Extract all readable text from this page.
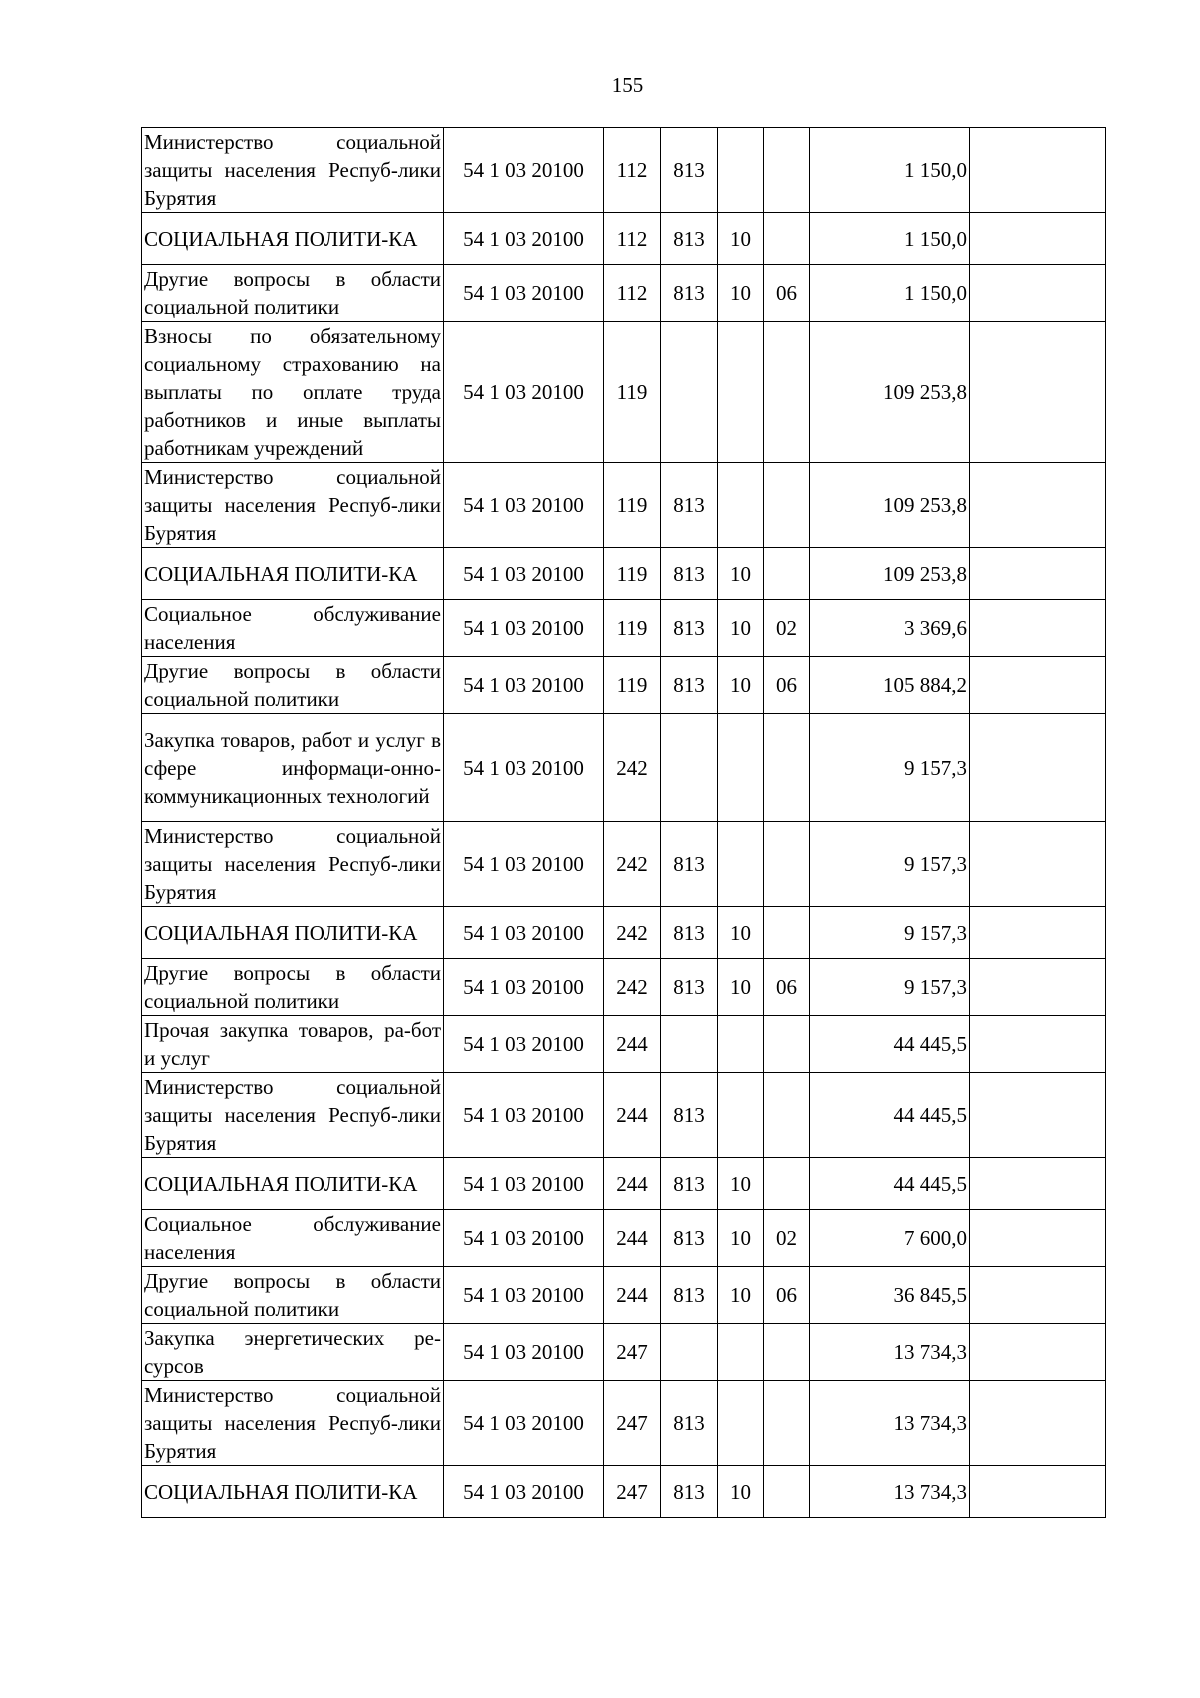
155
Министерство социальной защиты населения Респуб-лики Бурятия	54 1 03 20100	112	813			1 150,0	
СОЦИАЛЬНАЯ ПОЛИТИ-КА	54 1 03 20100	112	813	10		1 150,0	
Другие вопросы в области социальной политики	54 1 03 20100	112	813	10	06	1 150,0	
Взносы по обязательному социальному страхованию на выплаты по оплате труда работников и иные выплаты работникам учреждений	54 1 03 20100	119				109 253,8	
Министерство социальной защиты населения Респуб-лики Бурятия	54 1 03 20100	119	813			109 253,8	
СОЦИАЛЬНАЯ ПОЛИТИ-КА	54 1 03 20100	119	813	10		109 253,8	
Социальное обслуживание населения	54 1 03 20100	119	813	10	02	3 369,6	
Другие вопросы в области социальной политики	54 1 03 20100	119	813	10	06	105 884,2	
Закупка товаров, работ и услуг в сфере информаци-онно-коммуникационных технологий	54 1 03 20100	242				9 157,3	
Министерство социальной защиты населения Респуб-лики Бурятия	54 1 03 20100	242	813			9 157,3	
СОЦИАЛЬНАЯ ПОЛИТИ-КА	54 1 03 20100	242	813	10		9 157,3	
Другие вопросы в области социальной политики	54 1 03 20100	242	813	10	06	9 157,3	
Прочая закупка товаров, ра-бот и услуг	54 1 03 20100	244				44 445,5	
Министерство социальной защиты населения Респуб-лики Бурятия	54 1 03 20100	244	813			44 445,5	
СОЦИАЛЬНАЯ ПОЛИТИ-КА	54 1 03 20100	244	813	10		44 445,5	
Социальное обслуживание населения	54 1 03 20100	244	813	10	02	7 600,0	
Другие вопросы в области социальной политики	54 1 03 20100	244	813	10	06	36 845,5	
Закупка энергетических ре-сурсов	54 1 03 20100	247				13 734,3	
Министерство социальной защиты населения Респуб-лики Бурятия	54 1 03 20100	247	813			13 734,3	
СОЦИАЛЬНАЯ ПОЛИТИ-КА	54 1 03 20100	247	813	10		13 734,3	
